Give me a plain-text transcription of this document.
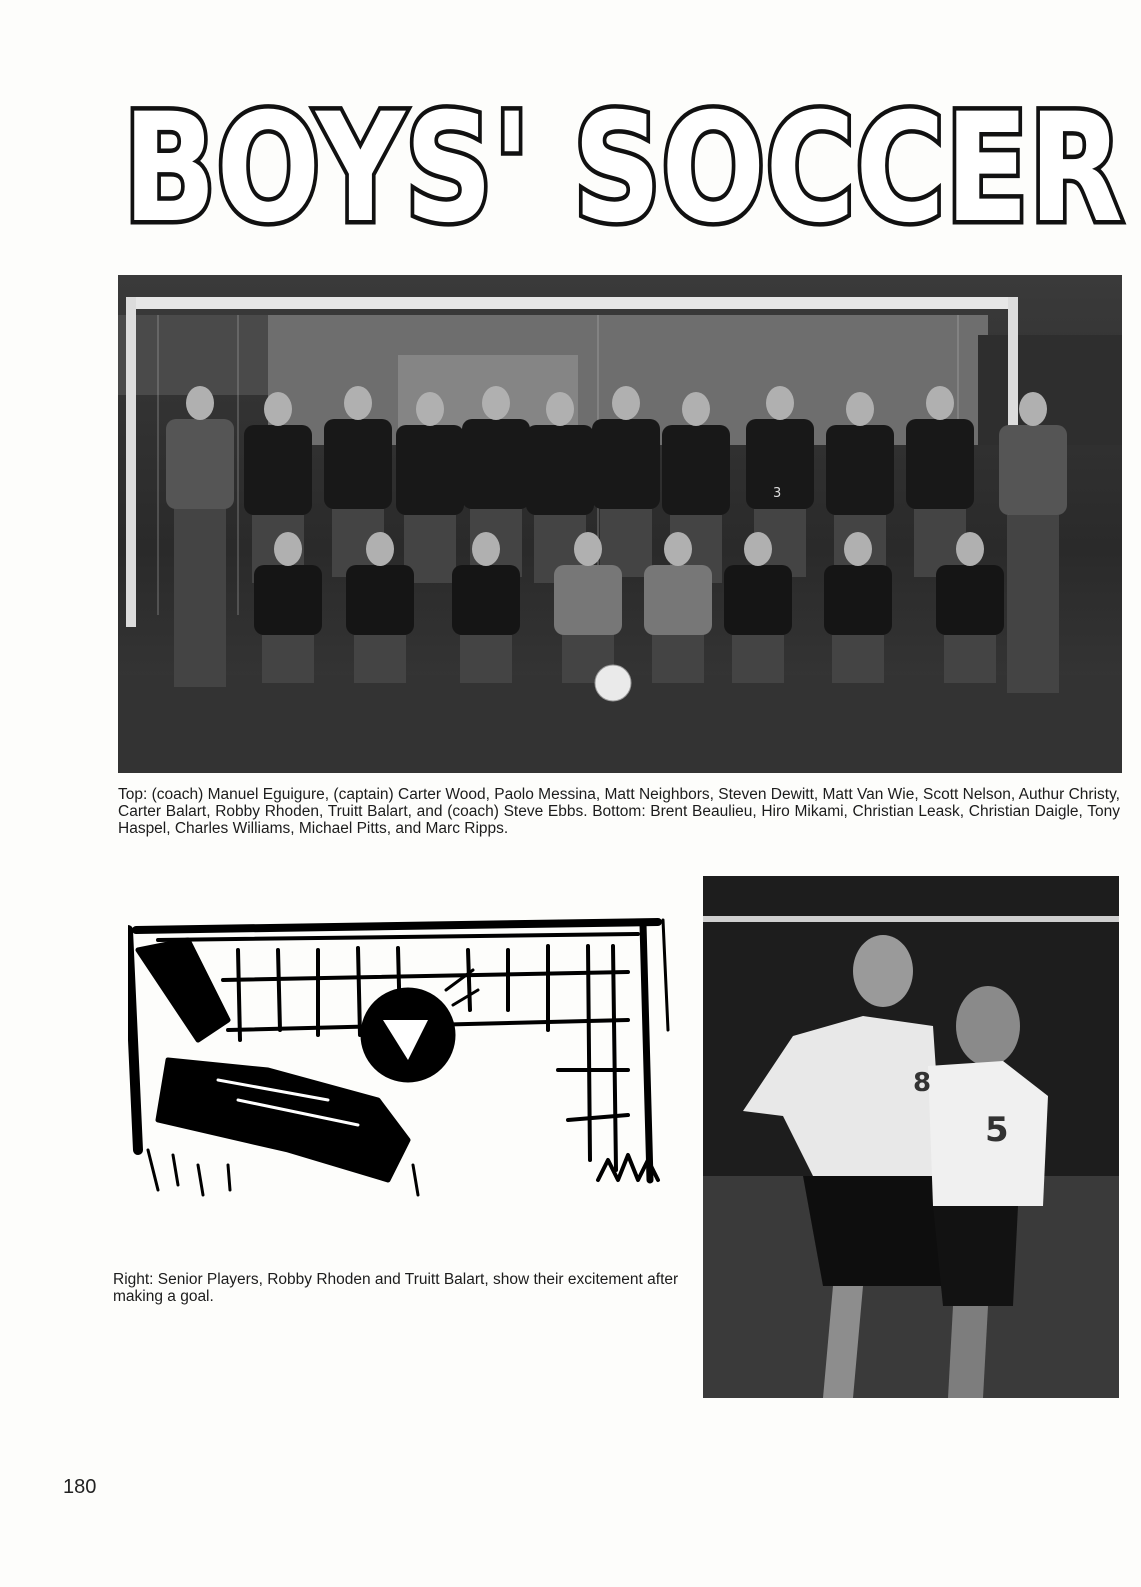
BOYS' SOCCER
3
Top: (coach) Manuel Eguigure, (captain) Carter Wood, Paolo Messina, Matt Neighbors, Steven Dewitt, Matt Van Wie, Scott Nelson, Authur Christy, Carter Balart, Robby Rhoden, Truitt Balart, and (coach) Steve Ebbs. Bottom: Brent Beaulieu, Hiro Mikami, Christian Leask, Christian Daigle, Tony Haspel, Charles Williams, Michael Pitts, and Marc Ripps.
8
5
Right: Senior Players, Robby Rhoden and Truitt Balart, show their excitement after making a goal.
180
